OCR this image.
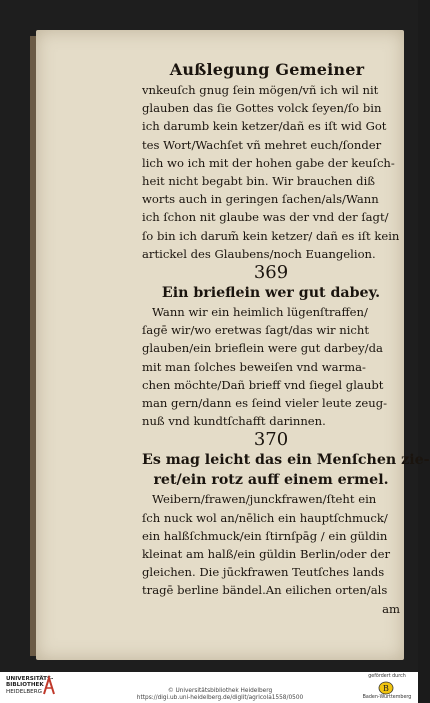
Außlegung Gemeiner
vnkeuſch gnug ſein mögen/vñ ich wil nit
glauben das ſie Gottes volck ſeyen/ſo bin
ich darumb kein ketzer/dañ es iſt wid Got
tes Wort/Wachſet vñ mehret euch/ſonder
lich wo ich mit der hohen gabe der keuſch-
heit nicht begabt bin. Wir brauchen diß
worts auch in geringen ſachen/als/Wann
ich ſchon nit glaube was der vnd der ſagt/
ſo bin ich darum̃ kein ketzer/ dañ es iſt kein
artickel des Glaubens/noch Euangelion.
369
Ein brieflein wer gut dabey.
Wann wir ein heimlich lügenſtraffen/
ſagē wir/wo eretwas ſagt/das wir nicht
glauben/ein brieflein were gut darbey/da
mit man ſolches beweiſen vnd warma-
chen möchte/Dañ brieff vnd ſiegel glaubt
man gern/dann es ſeind vieler leute zeug-
nuß vnd kundtſchafft darinnen.
370
Es mag leicht das ein Menſchen zie-
ret/ein rotz auff einem ermel.
Weibern/frawen/junckfrawen/ſteht ein
ſch nuck wol an/nēlich ein hauptſchmuck/
ein halßſchmuck/ein ſtirnſpāg / ein güldin
kleinat am halß/ein güldin Berlin/oder der
gleichen. Die jūckfrawen Teutſches lands
tragē berline bändel.An eilichen orten/als
am
UNIVERSITÄTS-
BIBLIOTHEK
HEIDELBERG	© Universitätsbibliothek Heidelberg
https://digi.ub.uni-heidelberg.de/diglit/agricola1558/0500
gefördert durch
Baden-Württemberg
B
